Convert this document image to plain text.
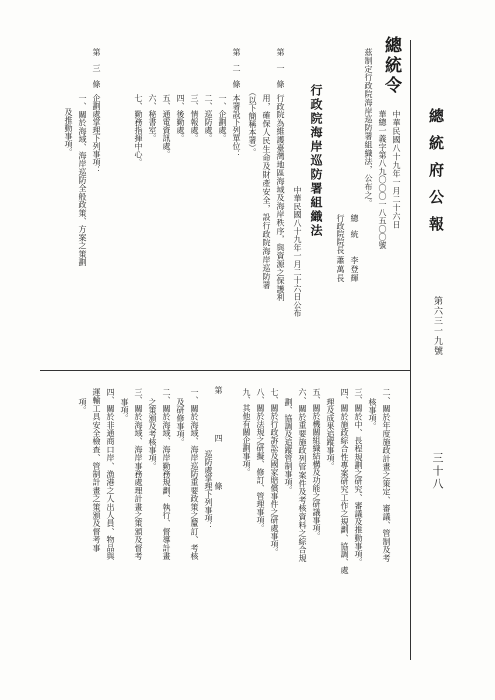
總統府公報
第六三一九號
三十八
總統令
中華民國八十九年一月二十六日
華總一義字第八九〇〇〇一八五〇〇號
茲制定行政院海岸巡防署組織法，公布之。
總　統
李登輝
行政院院長
蕭萬長
行政院海岸巡防署組織法
中華民國八十九年一月二十六日公布
第　一　條
行政院為維護臺灣地區海域及海岸秩序，與資源之保護利
用，確保人民生命及財產安全，設行政院海岸巡防署
（以下簡稱本署）。
第　二　條
本署設下列單位：
一、企劃處。
二、巡防處。
三、情報處。
四、後勤處。
五、通電資訊處。
六、秘書室。
七、勤務指揮中心。
第　三　條
企劃處掌理下列事項：
一、關於海域、海岸巡防全般政策、方案之策劃
及推動事項。
二、關於年度施政計畫之策定、審議、管制及考
核事項。
三、關於中、長程規劃之研究、審議及推動事項。
四、關於施政綜合性專案研究工作之規劃、協調、處
理及成果追蹤事項。
五、關於機關組織結構及功能之研議事項。
六、關於重要施政列管案件及考核資料之綜合規
劃、協調及追蹤管制事項。
七、關於行政訴訟及國家賠償事件之研處事項。
八、關於法規之研擬、修訂、管理事項。
九、其他有關企劃事項。
第　四　條
巡防處掌理下列事項：
一、關於海域、海岸巡防重要政策之釐訂、考核
及研修事項。
二、關於海域、海岸勤務規劃、執行、督導計畫
之策頒及考核事項。
三、關於海域、海岸事務處理計畫之策頒及督考
事項。
四、關於非通商口岸、漁港之人出人員、物品與
運輸工具安全檢查、管制計畫之策頒及督考事
項。
